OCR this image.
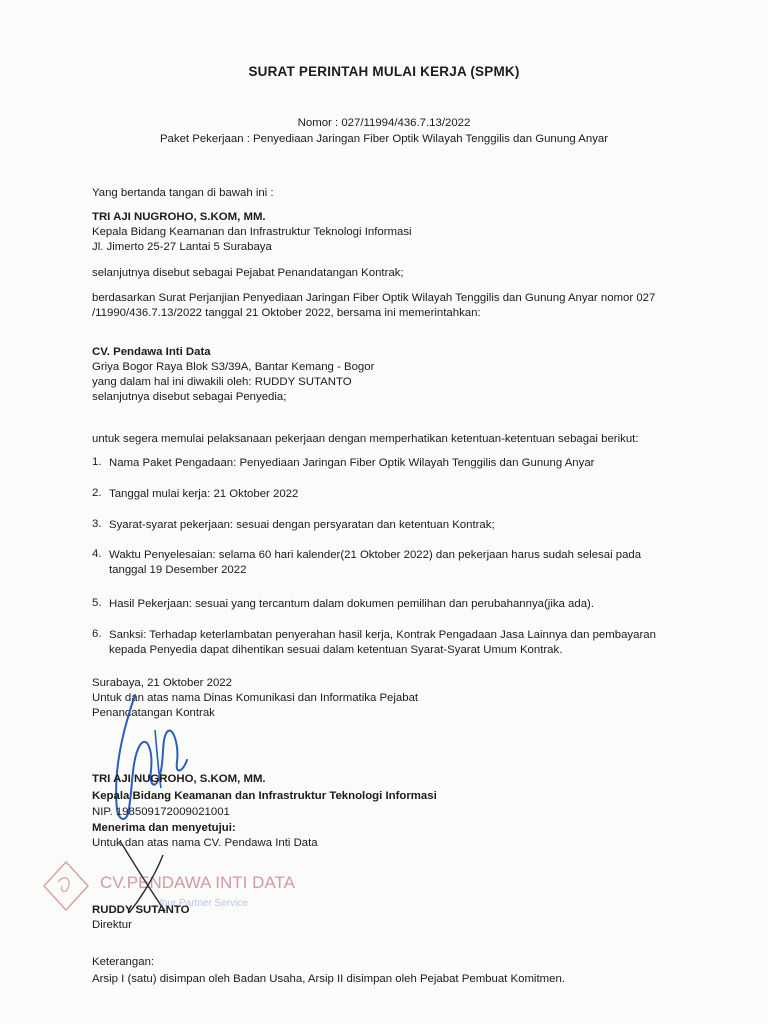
SURAT PERINTAH MULAI KERJA (SPMK)
Nomor : 027/11994/436.7.13/2022
Paket Pekerjaan : Penyediaan Jaringan Fiber Optik Wilayah Tenggilis dan Gunung Anyar
Yang bertanda tangan di bawah ini :
TRI AJI NUGROHO, S.KOM, MM.
Kepala Bidang Keamanan dan Infrastruktur Teknologi Informasi
Jl. Jimerto 25-27 Lantai 5 Surabaya
selanjutnya disebut sebagai Pejabat Penandatangan Kontrak;
berdasarkan Surat Perjanjian Penyediaan Jaringan Fiber Optik Wilayah Tenggilis dan Gunung Anyar nomor 027
/11990/436.7.13/2022 tanggal 21 Oktober 2022, bersama ini memerintahkan:
CV. Pendawa Inti Data
Griya Bogor Raya Blok S3/39A, Bantar Kemang - Bogor
yang dalam hal ini diwakili oleh: RUDDY SUTANTO
selanjutnya disebut sebagai Penyedia;
untuk segera memulai pelaksanaan pekerjaan dengan memperhatikan ketentuan-ketentuan sebagai berikut:
1. Nama Paket Pengadaan: Penyediaan Jaringan Fiber Optik Wilayah Tenggilis dan Gunung Anyar
2. Tanggal mulai kerja: 21 Oktober 2022
3. Syarat-syarat pekerjaan: sesuai dengan persyaratan dan ketentuan Kontrak;
4. Waktu Penyelesaian: selama 60 hari kalender(21 Oktober 2022) dan pekerjaan harus sudah selesai pada
tanggal 19 Desember 2022
5. Hasil Pekerjaan: sesuai yang tercantum dalam dokumen pemilihan dan perubahannya(jika ada).
6. Sanksi: Terhadap keterlambatan penyerahan hasil kerja, Kontrak Pengadaan Jasa Lainnya dan pembayaran
kepada Penyedia dapat dihentikan sesuai dalam ketentuan Syarat-Syarat Umum Kontrak.
Surabaya, 21 Oktober 2022
Untuk dan atas nama Dinas Komunikasi dan Informatika Pejabat
Penandatangan Kontrak
TRI AJI NUGROHO, S.KOM, MM.
Kepala Bidang Keamanan dan Infrastruktur Teknologi Informasi
NIP. 198509172009021001
Menerima dan menyetujui:
Untuk dan atas nama CV. Pendawa Inti Data
CV.PENDAWA INTI DATA
Your Partner Service
RUDDY SUTANTO
Direktur
Keterangan:
Arsip I (satu) disimpan oleh Badan Usaha, Arsip II disimpan oleh Pejabat Pembuat Komitmen.
